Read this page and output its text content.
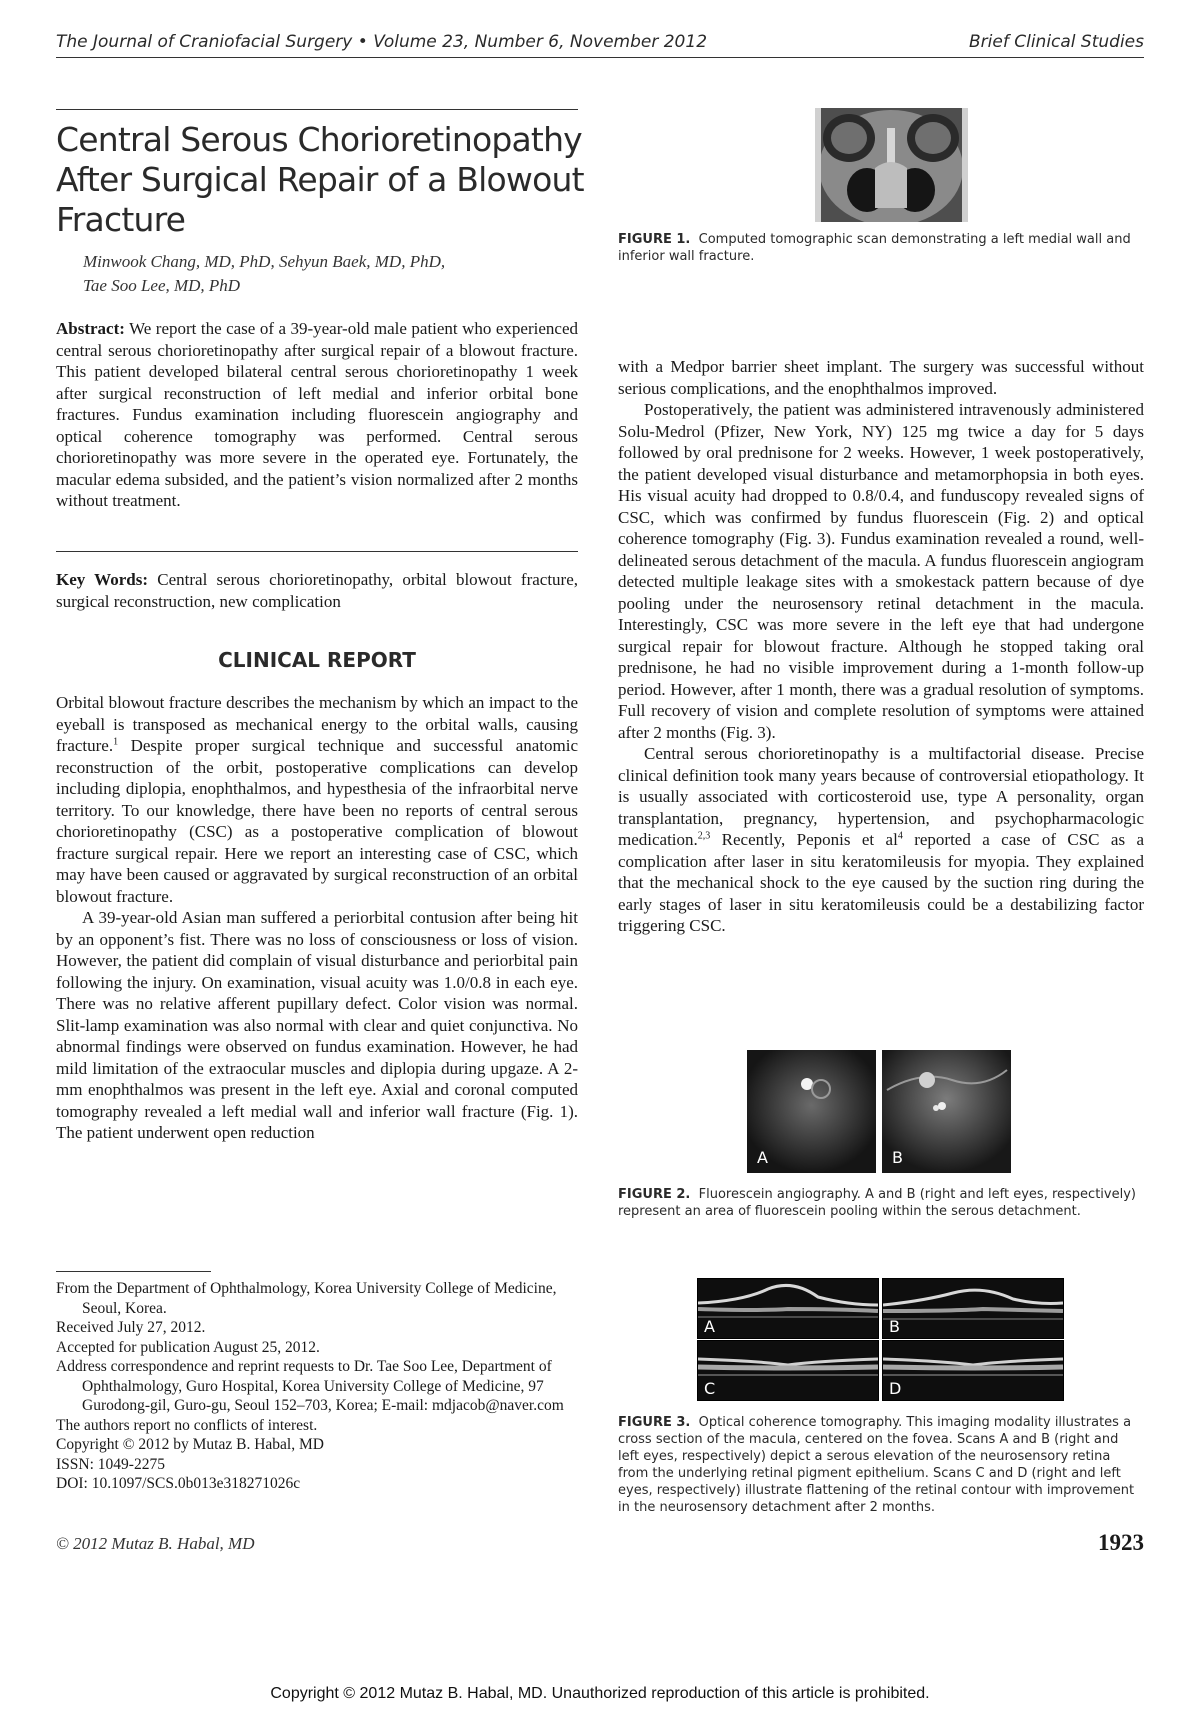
The Journal of Craniofacial Surgery • Volume 23, Number 6, November 2012	Brief Clinical Studies
Central Serous Chorioretinopathy After Surgical Repair of a Blowout Fracture
Minwook Chang, MD, PhD, Sehyun Baek, MD, PhD,
Tae Soo Lee, MD, PhD

Abstract: We report the case of a 39-year-old male patient who experienced central serous chorioretinopathy after surgical repair of a blowout fracture. This patient developed bilateral central serous chorioretinopathy 1 week after surgical reconstruction of left medial and inferior orbital bone fractures. Fundus examination including fluorescein angiography and optical coherence tomography was performed. Central serous chorioretinopathy was more severe in the operated eye. Fortunately, the macular edema subsided, and the patient’s vision normalized after 2 months without treatment.

Key Words: Central serous chorioretinopathy, orbital blowout fracture, surgical reconstruction, new complication

CLINICAL REPORT

Orbital blowout fracture describes the mechanism by which an impact to the eyeball is transposed as mechanical energy to the orbital walls, causing fracture.$^1$ Despite proper surgical technique and successful anatomic reconstruction of the orbit, postoperative complications can develop including diplopia, enophthalmos, and hypesthesia of the infraorbital nerve territory. To our knowledge, there have been no reports of central serous chorioretinopathy (CSC) as a postoperative complication of blowout fracture surgical repair. Here we report an interesting case of CSC, which may have been caused or aggravated by surgical reconstruction of an orbital blowout fracture.

A 39-year-old Asian man suffered a periorbital contusion after being hit by an opponent’s fist. There was no loss of consciousness or loss of vision. However, the patient did complain of visual disturbance and periorbital pain following the injury. On examination, visual acuity was 1.0/0.8 in each eye. There was no relative afferent pupillary defect. Color vision was normal. Slit-lamp examination was also normal with clear and quiet conjunctiva. No abnormal findings were observed on fundus examination. However, he had mild limitation of the extraocular muscles and diplopia during upgaze. A 2-mm enophthalmos was present in the left eye. Axial and coronal computed tomography revealed a left medial wall and inferior wall fracture (Fig. 1). The patient underwent open reduction

with a Medpor barrier sheet implant. The surgery was successful without serious complications, and the enophthalmos improved.

Postoperatively, the patient was administered intravenously administered Solu-Medrol (Pfizer, New York, NY) 125 mg twice a day for 5 days followed by oral prednisone for 2 weeks. However, 1 week postoperatively, the patient developed visual disturbance and metamorphopsia in both eyes. His visual acuity had dropped to 0.8/0.4, and funduscopy revealed signs of CSC, which was confirmed by fundus fluorescein (Fig. 2) and optical coherence tomography (Fig. 3). Fundus examination revealed a round, well-delineated serous detachment of the macula. A fundus fluorescein angiogram detected multiple leakage sites with a smokestack pattern because of dye pooling under the neurosensory retinal detachment in the macula. Interestingly, CSC was more severe in the left eye that had undergone surgical repair for blowout fracture. Although he stopped taking oral prednisone, he had no visible improvement during a 1-month follow-up period. However, after 1 month, there was a gradual resolution of symptoms. Full recovery of vision and complete resolution of symptoms were attained after 2 months (Fig. 3).

Central serous chorioretinopathy is a multifactorial disease. Precise clinical definition took many years because of controversial etiopathology. It is usually associated with corticosteroid use, type A personality, organ transplantation, pregnancy, hypertension, and psychopharmacologic medication.$^{2,3}$ Recently, Peponis et $al^4$ reported a case of CSC as a complication after laser in situ keratomileusis for myopia. They explained that the mechanical shock to the eye caused by the suction ring during the early stages of laser in situ keratomileusis could be a destabilizing factor triggering CSC.

FIGURE 1. Computed tomographic scan demonstrating a left medial wall and inferior wall fracture.
A	B
FIGURE 2. Fluorescein angiography. A and B (right and left eyes, respectively) represent an area of fluorescein pooling within the serous detachment.
A	B
C	D
FIGURE 3. Optical coherence tomography. This imaging modality illustrates a cross section of the macula, centered on the fovea. Scans A and B (right and left eyes, respectively) depict a serous elevation of the neurosensory retina from the underlying retinal pigment epithelium. Scans C and D (right and left eyes, respectively) illustrate flattening of the retinal contour with improvement in the neurosensory detachment after 2 months.
From the Department of Ophthalmology, Korea University College of Medicine, Seoul, Korea.
Received July 27, 2012.
Accepted for publication August 25, 2012.
Address correspondence and reprint requests to Dr. Tae Soo Lee, Department of Ophthalmology, Guro Hospital, Korea University College of Medicine, 97 Gurodong-gil, Guro-gu, Seoul 152–703, Korea; E-mail: mdjacob@naver.com
The authors report no conflicts of interest.
Copyright © 2012 by Mutaz B. Habal, MD
ISSN: 1049-2275
DOI: 10.1097/SCS.0b013e318271026c
© 2012 Mutaz B. Habal, MD	1923
Copyright © 2012 Mutaz B. Habal, MD. Unauthorized reproduction of this article is prohibited.
